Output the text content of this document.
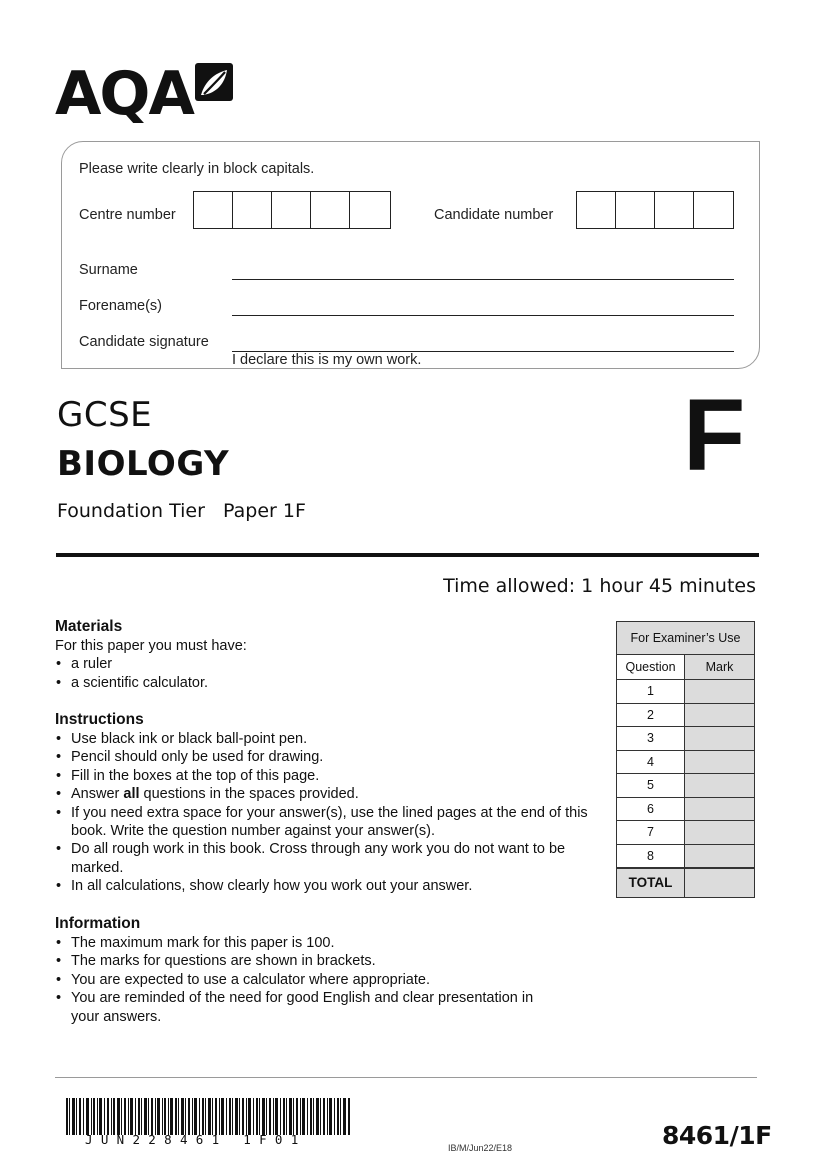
AQA
Please write clearly in block capitals.
Centre number	Candidate number
Surname
Forename(s)
Candidate signature
I declare this is my own work.
GCSE
BIOLOGY
Foundation Tier   Paper 1F
F
Time allowed: 1 hour 45 minutes
Materials

For this paper you must have:

• a ruler
• a scientific calculator.
Instructions
• Use black ink or black ball-point pen.
• Pencil should only be used for drawing.
• Fill in the boxes at the top of this page.
• Answer all questions in the spaces provided.
• If you need extra space for your answer(s), use the lined pages at the end of this book. Write the question number against your answer(s).
• Do all rough work in this book. Cross through any work you do not want to be marked.
• In all calculations, show clearly how you work out your answer.
Information
• The maximum mark for this paper is 100.
• The marks for questions are shown in brackets.
• You are expected to use a calculator where appropriate.
• You are reminded of the need for good English and clear presentation in your answers.
For Examiner’s Use
Question	Mark
1
2
3
4
5
6
7
8
TOTAL
JUN228461 1F01
IB/M/Jun22/E18	8461/1F
